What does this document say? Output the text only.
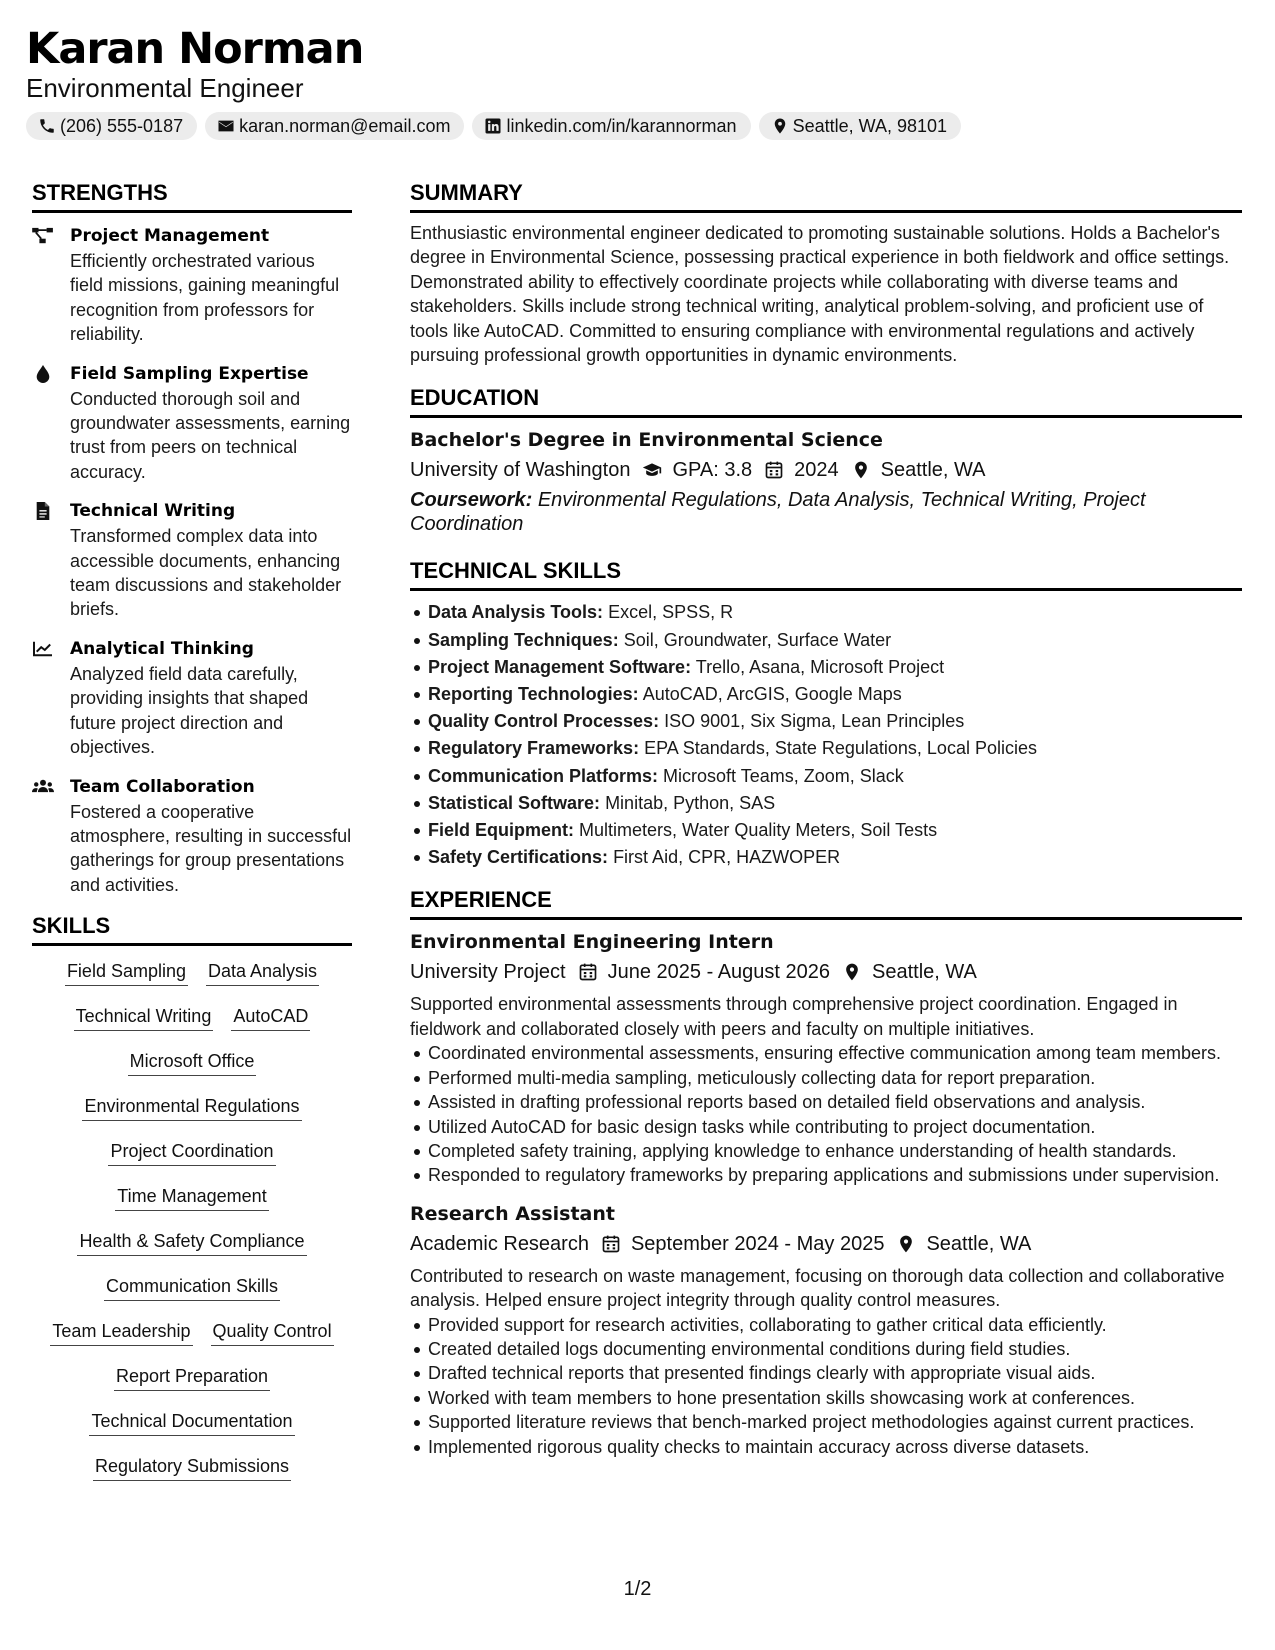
Karan Norman
Environmental Engineer
(206) 555-0187	karan.norman@email.com	linkedin.com/in/karannorman	Seattle, WA, 98101
STRENGTHS
Project Management
Efficiently orchestrated various field missions, gaining meaningful recognition from professors for reliability.
Field Sampling Expertise
Conducted thorough soil and groundwater assessments, earning trust from peers on technical accuracy.
Technical Writing
Transformed complex data into accessible documents, enhancing team discussions and stakeholder briefs.
Analytical Thinking
Analyzed field data carefully, providing insights that shaped future project direction and objectives.
Team Collaboration
Fostered a cooperative atmosphere, resulting in successful gatherings for group presentations and activities.
SKILLS
Field Sampling Data Analysis
Technical Writing AutoCAD
Microsoft Office
Environmental Regulations
Project Coordination
Time Management
Health & Safety Compliance
Communication Skills
Team Leadership Quality Control
Report Preparation
Technical Documentation
Regulatory Submissions
SUMMARY
Enthusiastic environmental engineer dedicated to promoting sustainable solutions. Holds a Bachelor's degree in Environmental Science, possessing practical experience in both fieldwork and office settings. Demonstrated ability to effectively coordinate projects while collaborating with diverse teams and stakeholders. Skills include strong technical writing, analytical problem-solving, and proficient use of tools like AutoCAD. Committed to ensuring compliance with environmental regulations and actively pursuing professional growth opportunities in dynamic environments.
EDUCATION
Bachelor's Degree in Environmental Science
University of Washington GPA: 3.8 2024 Seattle, WA
Coursework: Environmental Regulations, Data Analysis, Technical Writing, Project Coordination
TECHNICAL SKILLS
Data Analysis Tools: Excel, SPSS, R
Sampling Techniques: Soil, Groundwater, Surface Water
Project Management Software: Trello, Asana, Microsoft Project
Reporting Technologies: AutoCAD, ArcGIS, Google Maps
Quality Control Processes: ISO 9001, Six Sigma, Lean Principles
Regulatory Frameworks: EPA Standards, State Regulations, Local Policies
Communication Platforms: Microsoft Teams, Zoom, Slack
Statistical Software: Minitab, Python, SAS
Field Equipment: Multimeters, Water Quality Meters, Soil Tests
Safety Certifications: First Aid, CPR, HAZWOPER
EXPERIENCE
Environmental Engineering Intern
University Project June 2025 - August 2026 Seattle, WA
Supported environmental assessments through comprehensive project coordination. Engaged in fieldwork and collaborated closely with peers and faculty on multiple initiatives.
Coordinated environmental assessments, ensuring effective communication among team members.
Performed multi-media sampling, meticulously collecting data for report preparation.
Assisted in drafting professional reports based on detailed field observations and analysis.
Utilized AutoCAD for basic design tasks while contributing to project documentation.
Completed safety training, applying knowledge to enhance understanding of health standards.
Responded to regulatory frameworks by preparing applications and submissions under supervision.
Research Assistant
Academic Research September 2024 - May 2025 Seattle, WA
Contributed to research on waste management, focusing on thorough data collection and collaborative analysis. Helped ensure project integrity through quality control measures.
Provided support for research activities, collaborating to gather critical data efficiently.
Created detailed logs documenting environmental conditions during field studies.
Drafted technical reports that presented findings clearly with appropriate visual aids.
Worked with team members to hone presentation skills showcasing work at conferences.
Supported literature reviews that bench-marked project methodologies against current practices.
Implemented rigorous quality checks to maintain accuracy across diverse datasets.
1/2
